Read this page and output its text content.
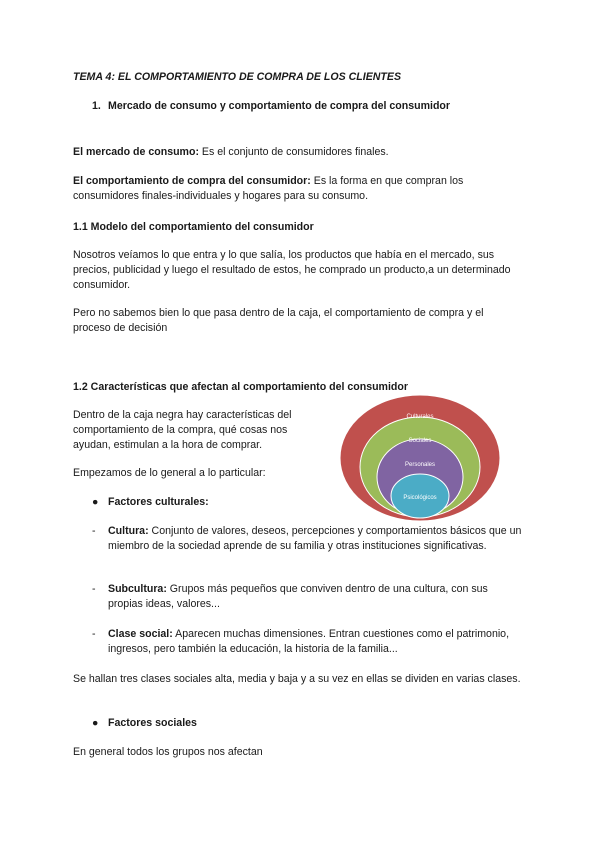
TEMA 4: EL COMPORTAMIENTO DE COMPRA DE LOS CLIENTES
1. Mercado de consumo y comportamiento de compra del consumidor
El mercado de consumo: Es el conjunto de consumidores finales.
El comportamiento de compra del consumidor: Es la forma en que compran los consumidores finales-individuales y hogares para su consumo.
1.1 Modelo del comportamiento del consumidor
Nosotros veíamos lo que entra y lo que salía, los productos que había en el mercado, sus precios, publicidad y luego el resultado de estos, he comprado un producto,a un determinado consumidor.
Pero no sabemos bien lo que pasa dentro de la caja, el comportamiento de compra y el proceso de decisión
1.2 Características que afectan al comportamiento del consumidor
Dentro de la caja negra hay características del comportamiento de la compra, qué cosas nos ayudan, estimulan a la hora de comprar.
Empezamos de lo general a lo particular:
● Factores culturales:
- Cultura: Conjunto de valores, deseos, percepciones y comportamientos básicos que un miembro de la sociedad aprende de su familia y otras instituciones significativas.
- Subcultura: Grupos más pequeños que conviven dentro de una cultura, con sus propias ideas, valores...
- Clase social: Aparecen muchas dimensiones. Entran cuestiones como el patrimonio, ingresos, pero también la educación, la historia de la familia...
Se hallan tres clases sociales alta, media y baja y a su vez en ellas se dividen en varias clases.
● Factores sociales
En general todos los grupos nos afectan
Culturales
Sociales
Personales
Psicológicos
